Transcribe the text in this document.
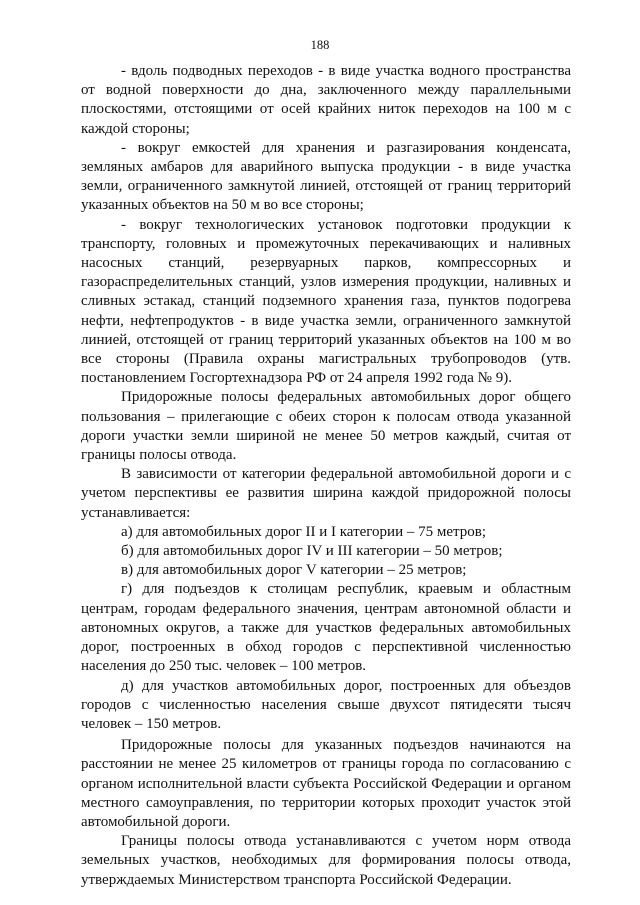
188

- вдоль подводных переходов - в виде участка водного пространства от водной поверхности до дна, заключенного между параллельными плоскостями, отстоящими от осей крайних ниток переходов на 100 м с каждой стороны;

- вокруг емкостей для хранения и разгазирования конденсата, земляных амбаров для аварийного выпуска продукции - в виде участка земли, ограниченного замкнутой линией, отстоящей от границ территорий указанных объектов на 50 м во все стороны;

- вокруг технологических установок подготовки продукции к транспорту, головных и промежуточных перекачивающих и наливных насосных станций, резервуарных парков, компрессорных и газораспределительных станций, узлов измерения продукции, наливных и сливных эстакад, станций подземного хранения газа, пунктов подогрева нефти, нефтепродуктов - в виде участка земли, ограниченного замкнутой линией, отстоящей от границ территорий указанных объектов на 100 м во все стороны (Правила охраны магистральных трубопроводов (утв. постановлением Госгортехнадзора РФ от 24 апреля 1992 года № 9).

Придорожные полосы федеральных автомобильных дорог общего пользования – прилегающие с обеих сторон к полосам отвода указанной дороги участки земли шириной не менее 50 метров каждый, считая от границы полосы отвода.

В зависимости от категории федеральной автомобильной дороги и с учетом перспективы ее развития ширина каждой придорожной полосы устанавливается:

а) для автомобильных дорог II и I категории – 75 метров;

б) для автомобильных дорог IV и III категории – 50 метров;

в) для автомобильных дорог V категории – 25 метров;

г) для подъездов к столицам республик, краевым и областным центрам, городам федерального значения, центрам автономной области и автономных округов, а также для участков федеральных автомобильных дорог, построенных в обход городов с перспективной численностью населения до 250 тыс. человек – 100 метров.

д) для участков автомобильных дорог, построенных для объездов городов с численностью населения свыше двухсот пятидесяти тысяч человек – 150 метров.

Придорожные полосы для указанных подъездов начинаются на расстоянии не менее 25 километров от границы города по согласованию с органом исполнительной власти субъекта Российской Федерации и органом местного самоуправления, по территории которых проходит участок этой автомобильной дороги.

Границы полосы отвода устанавливаются с учетом норм отвода земельных участков, необходимых для формирования полосы отвода, утверждаемых Министерством транспорта Российской Федерации.
